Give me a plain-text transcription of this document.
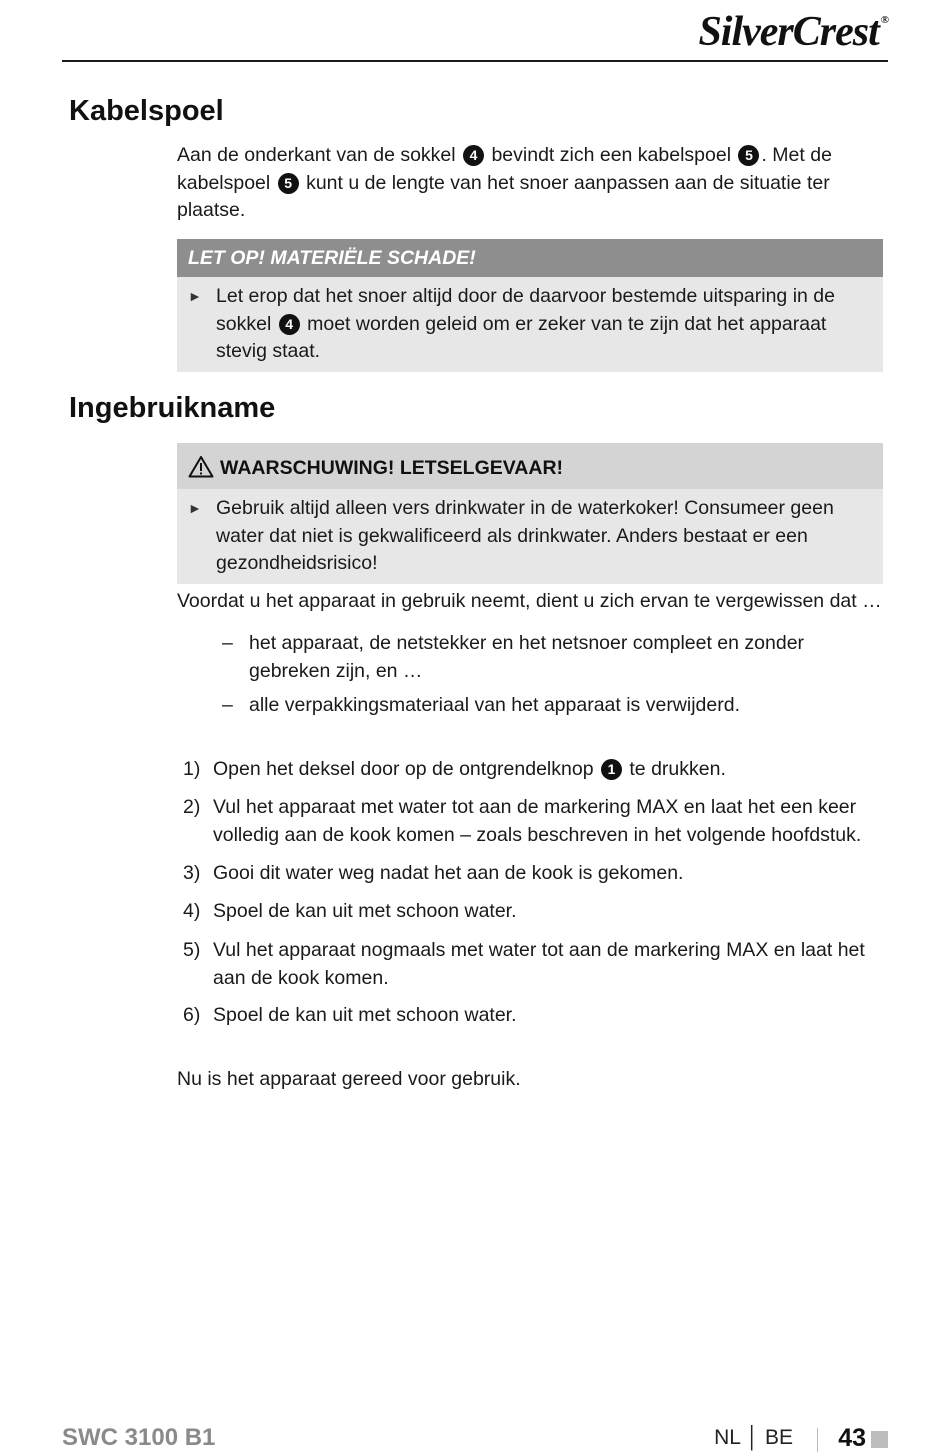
SilverCrest ®
Kabelspoel

Aan de onderkant van de sokkel 4 bevindt zich een kabelspoel 5 . Met de kabelspoel 5 kunt u de lengte van het snoer aanpassen aan de situatie ter plaatse.

LET OP! MATERIËLE SCHADE!
► Let erop dat het snoer altijd door de daarvoor bestemde uitsparing in de sokkel 4 moet worden geleid om er zeker van te zijn dat het apparaat stevig staat.
Ingebruikname
WAARSCHUWING! LETSELGEVAAR!
► Gebruik altijd alleen vers drinkwater in de waterkoker! Consumeer geen water dat niet is gekwalificeerd als drinkwater. Anders bestaat er een gezondheidsrisico!

Voordat u het apparaat in gebruik neemt, dient u zich ervan te vergewissen dat …

– het apparaat, de netstekker en het netsnoer compleet en zonder gebreken zijn, en …
– alle verpakkingsmateriaal van het apparaat is verwijderd.
1) Open het deksel door op de ontgrendelknop 1 te drukken.
2) Vul het apparaat met water tot aan de markering MAX en laat het een keer volledig aan de kook komen – zoals beschreven in het volgende hoofdstuk.
3) Gooi dit water weg nadat het aan de kook is gekomen.
4) Spoel de kan uit met schoon water.
5) Vul het apparaat nogmaals met water tot aan de markering MAX en laat het aan de kook komen.
6) Spoel de kan uit met schoon water.

Nu is het apparaat gereed voor gebruik.

SWC 3100 B1	NL │ BE 43
